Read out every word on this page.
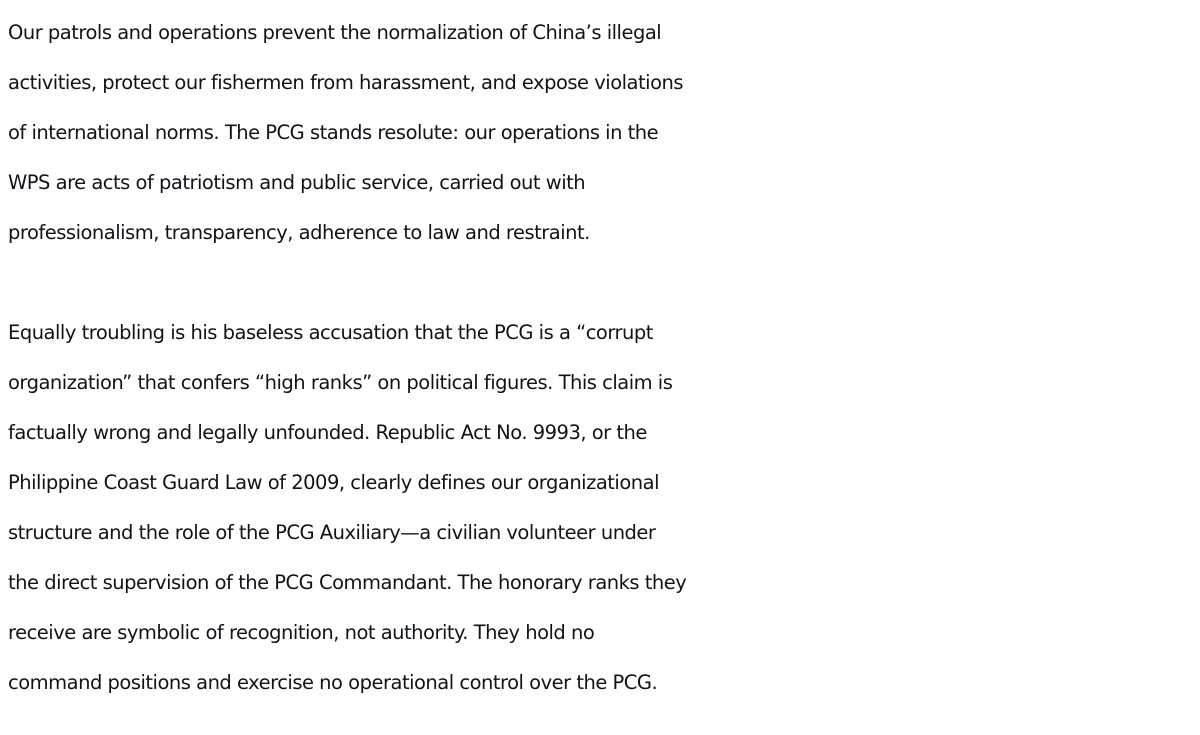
Our patrols and operations prevent the normalization of China’s illegal
activities, protect our fishermen from harassment, and expose violations
of international norms. The PCG stands resolute: our operations in the
WPS are acts of patriotism and public service, carried out with
professionalism, transparency, adherence to law and restraint.

Equally troubling is his baseless accusation that the PCG is a “corrupt
organization” that confers “high ranks” on political figures. This claim is
factually wrong and legally unfounded. Republic Act No. 9993, or the
Philippine Coast Guard Law of 2009, clearly defines our organizational
structure and the role of the PCG Auxiliary—a civilian volunteer under
the direct supervision of the PCG Commandant. The honorary ranks they
receive are symbolic of recognition, not authority. They hold no
command positions and exercise no operational control over the PCG.
